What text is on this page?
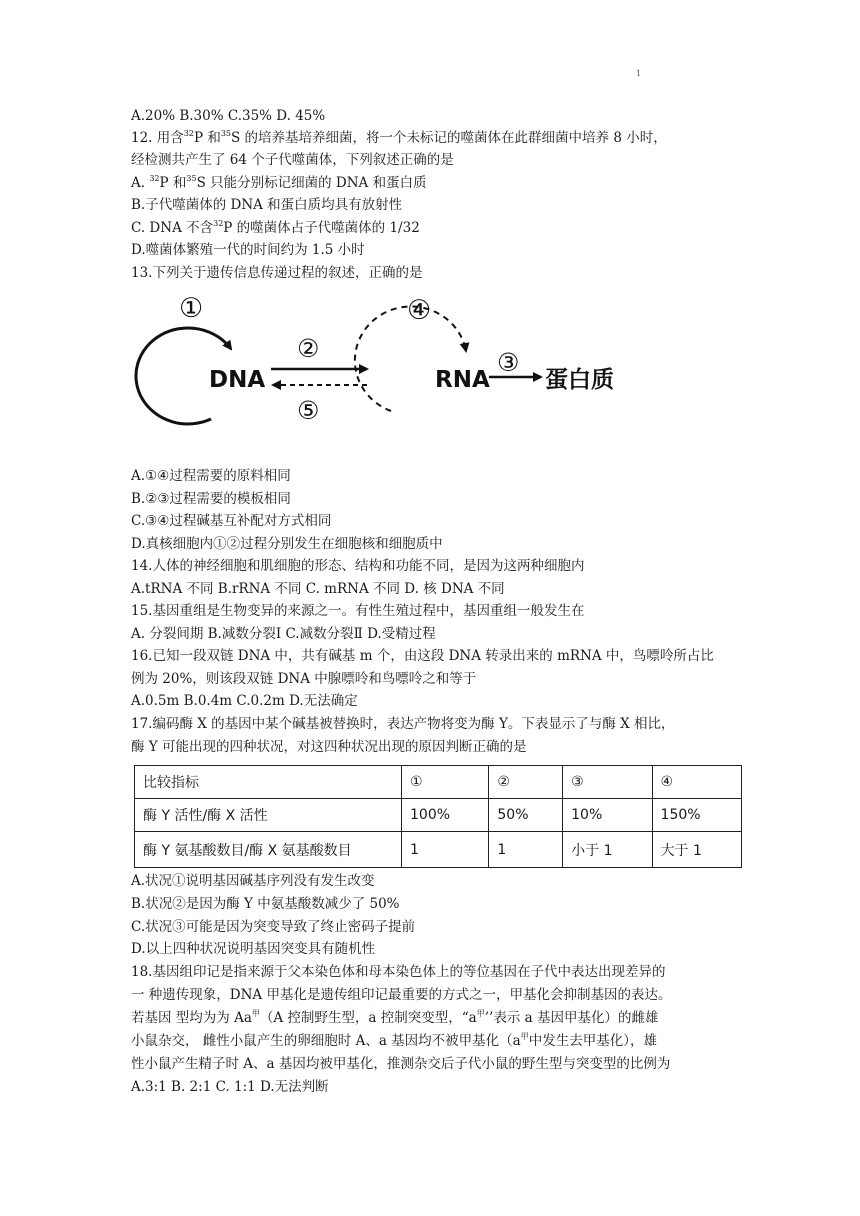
1
A.20% B.30% C.35% D. 45%
12. 用含$^{32}$P 和$^{35}$S 的培养基培养细菌，将一个未标记的噬菌体在此群细菌中培养 8 小时，
经检测共产生了 64 个子代噬菌体，下列叙述正确的是
A. $^{32}$P 和$^{35}$S 只能分别标记细菌的 DNA 和蛋白质
B.子代噬菌体的 DNA 和蛋白质均具有放射性
C. DNA 不含$^{32}$P 的噬菌体占子代噬菌体的 1/32
D.噬菌体繁殖一代的时间约为 1.5 小时
13.下列关于遗传信息传递过程的叙述，正确的是
①
DNA
②
⑤
④
RNA
③
蛋白质
A.①④过程需要的原料相同
B.②③过程需要的模板相同
C.③④过程碱基互补配对方式相同
D.真核细胞内①②过程分别发生在细胞核和细胞质中
14.人体的神经细胞和肌细胞的形态、结构和功能不同，是因为这两种细胞内
A.tRNA 不同 B.rRNA 不同 C. mRNA 不同 D. 核 DNA 不同
15.基因重组是生物变异的来源之一。有性生殖过程中，基因重组一般发生在
A. 分裂间期 B.减数分裂Ⅰ C.减数分裂Ⅱ D.受精过程
16.已知一段双链 DNA 中，共有碱基 m 个，由这段 DNA 转录出来的 mRNA 中，鸟嘌呤所占比
例为 20%，则该段双链 DNA 中腺嘌呤和鸟嘌呤之和等于
A.0.5m B.0.4m C.0.2m D.无法确定
17.编码酶 X 的基因中某个碱基被替换时，表达产物将变为酶 Y。下表显示了与酶 X 相比，
酶 Y 可能出现的四种状况，对这四种状况出现的原因判断正确的是
比较指标	①	②	③	④
酶 Y 活性/酶 X 活性	100%	50%	10%	150%
酶 Y 氨基酸数目/酶 X 氨基酸数目	1	1	小于 1	大于 1
A.状况①说明基因碱基序列没有发生改变
B.状况②是因为酶 Y 中氨基酸数减少了 50%
C.状况③可能是因为突变导致了终止密码子提前
D.以上四种状况说明基因突变具有随机性
18.基因组印记是指来源于父本染色体和母本染色体上的等位基因在子代中表达出现差异的
一 种遗传现象，DNA 甲基化是遗传组印记最重要的方式之一，甲基化会抑制基因的表达。
若基因 型均为为 $Aa^甲(A$ 控制野生型，a 控制突变型，“$a^甲$’’表示 a 基因甲基化）的雌雄
小鼠杂交， 雌性小鼠产生的卵细胞时 A、a 基因均不被甲基化（$a^甲$中发生去甲基化），雄
性小鼠产生精子时 A、a 基因均被甲基化，推测杂交后子代小鼠的野生型与突变型的比例为
A.3:1 B. 2:1 C. 1:1 D.无法判断
